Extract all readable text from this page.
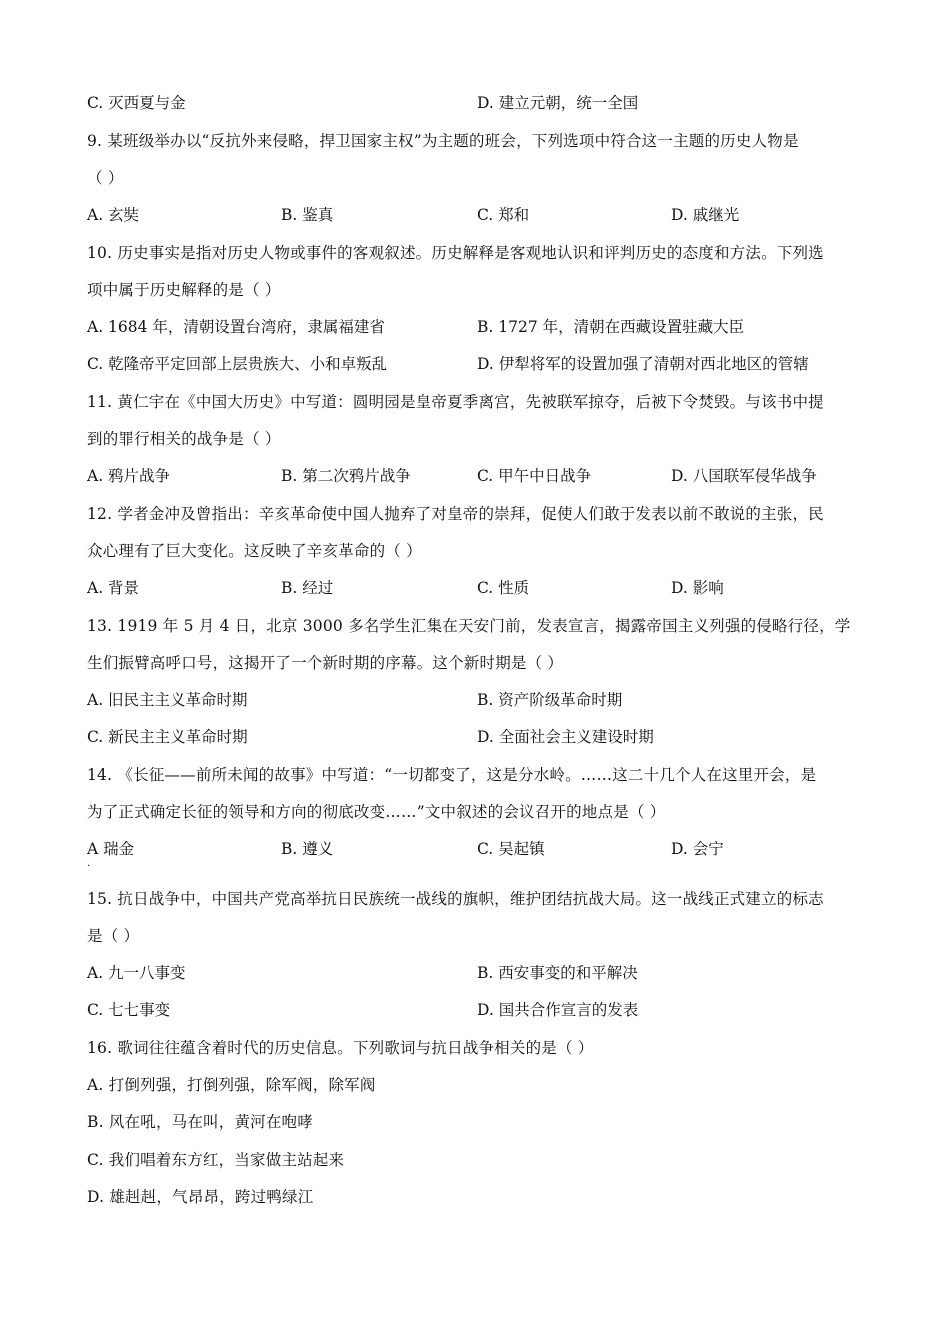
C. 灭西夏与金	D. 建立元朝，统一全国
9. 某班级举办以“反抗外来侵略，捍卫国家主权”为主题的班会，下列选项中符合这一主题的历史人物是
（ ）
A. 玄奘	B. 鉴真	C. 郑和	D. 戚继光
10. 历史事实是指对历史人物或事件的客观叙述。历史解释是客观地认识和评判历史的态度和方法。下列选
项中属于历史解释的是（ ）
A. 1684 年，清朝设置台湾府，隶属福建省	B. 1727 年，清朝在西藏设置驻藏大臣
C. 乾隆帝平定回部上层贵族大、小和卓叛乱	D. 伊犁将军的设置加强了清朝对西北地区的管辖
11. 黄仁宇在《中国大历史》中写道：圆明园是皇帝夏季离宫，先被联军掠夺，后被下令焚毁。与该书中提
到的罪行相关的战争是（ ）
A. 鸦片战争	B. 第二次鸦片战争	C. 甲午中日战争	D. 八国联军侵华战争
12. 学者金冲及曾指出：辛亥革命使中国人抛弃了对皇帝的崇拜，促使人们敢于发表以前不敢说的主张，民
众心理有了巨大变化。这反映了辛亥革命的（ ）
A. 背景	B. 经过	C. 性质	D. 影响
13. 1919 年 5 月 4 日，北京 3000 多名学生汇集在天安门前，发表宣言，揭露帝国主义列强的侵略行径，学
生们振臂高呼口号，这揭开了一个新时期的序幕。这个新时期是（ ）
A. 旧民主主义革命时期	B. 资产阶级革命时期
C. 新民主主义革命时期	D. 全面社会主义建设时期
14. 《长征——前所未闻的故事》中写道：“一切都变了，这是分水岭。……这二十几个人在这里开会，是
为了正式确定长征的领导和方向的彻底改变……”文中叙述的会议召开的地点是（ ）
A 瑞金	B. 遵义	C. 吴起镇	D. 会宁
·
15. 抗日战争中，中国共产党高举抗日民族统一战线的旗帜，维护团结抗战大局。这一战线正式建立的标志
是（ ）
A. 九一八事变	B. 西安事变的和平解决
C. 七七事变	D. 国共合作宣言的发表
16. 歌词往往蕴含着时代的历史信息。下列歌词与抗日战争相关的是（ ）
A. 打倒列强，打倒列强，除军阀，除军阀
B. 风在吼，马在叫，黄河在咆哮
C. 我们唱着东方红，当家做主站起来
D. 雄赳赳，气昂昂，跨过鸭绿江
